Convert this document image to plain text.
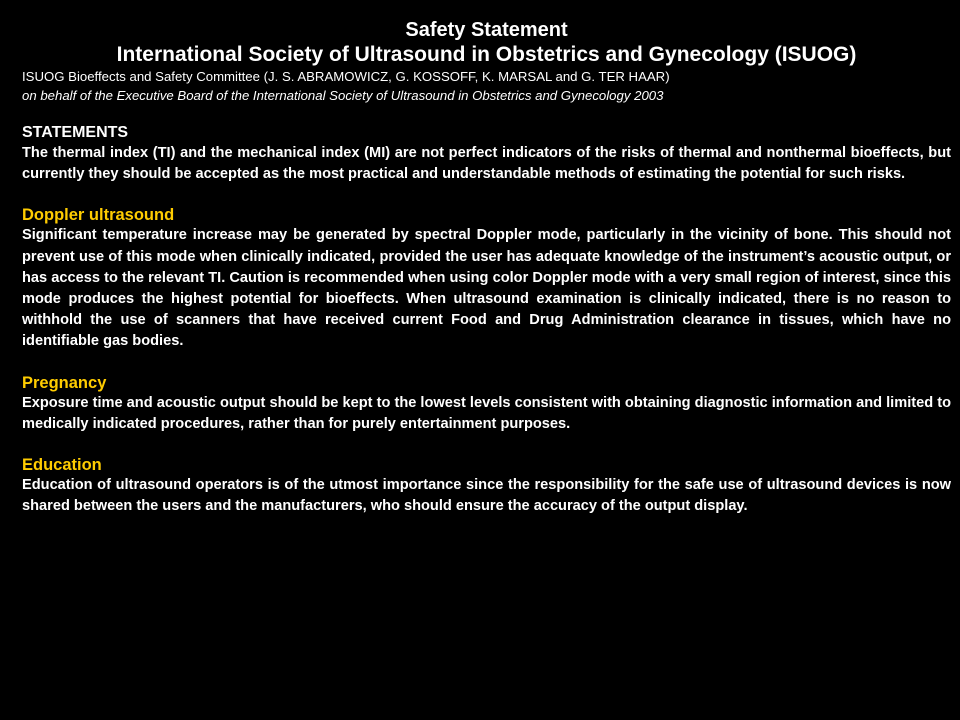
Safety Statement
International Society of Ultrasound in Obstetrics and Gynecology (ISUOG)

ISUOG Bioeffects and Safety Committee (J. S. ABRAMOWICZ, G. KOSSOFF, K. MARSAL and G. TER HAAR)

on behalf of the Executive Board of the International Society of Ultrasound in Obstetrics and Gynecology 2003

STATEMENTS

The thermal index (TI) and the mechanical index (MI) are not perfect indicators of the risks of thermal and nonthermal bioeffects, but currently they should be accepted as the most practical and understandable methods of estimating the potential for such risks.

Doppler ultrasound

Significant temperature increase may be generated by spectral Doppler mode, particularly in the vicinity of bone. This should not prevent use of this mode when clinically indicated, provided the user has adequate knowledge of the instrument’s acoustic output, or has access to the relevant TI. Caution is recommended when using color Doppler mode with a very small region of interest, since this mode produces the highest potential for bioeffects. When ultrasound examination is clinically indicated, there is no reason to withhold the use of scanners that have received current Food and Drug Administration clearance in tissues, which have no identifiable gas bodies.

Pregnancy

Exposure time and acoustic output should be kept to the lowest levels consistent with obtaining diagnostic information and limited to medically indicated procedures, rather than for purely entertainment purposes.

Education

Education of ultrasound operators is of the utmost importance since the responsibility for the safe use of ultrasound devices is now shared between the users and the manufacturers, who should ensure the accuracy of the output display.
